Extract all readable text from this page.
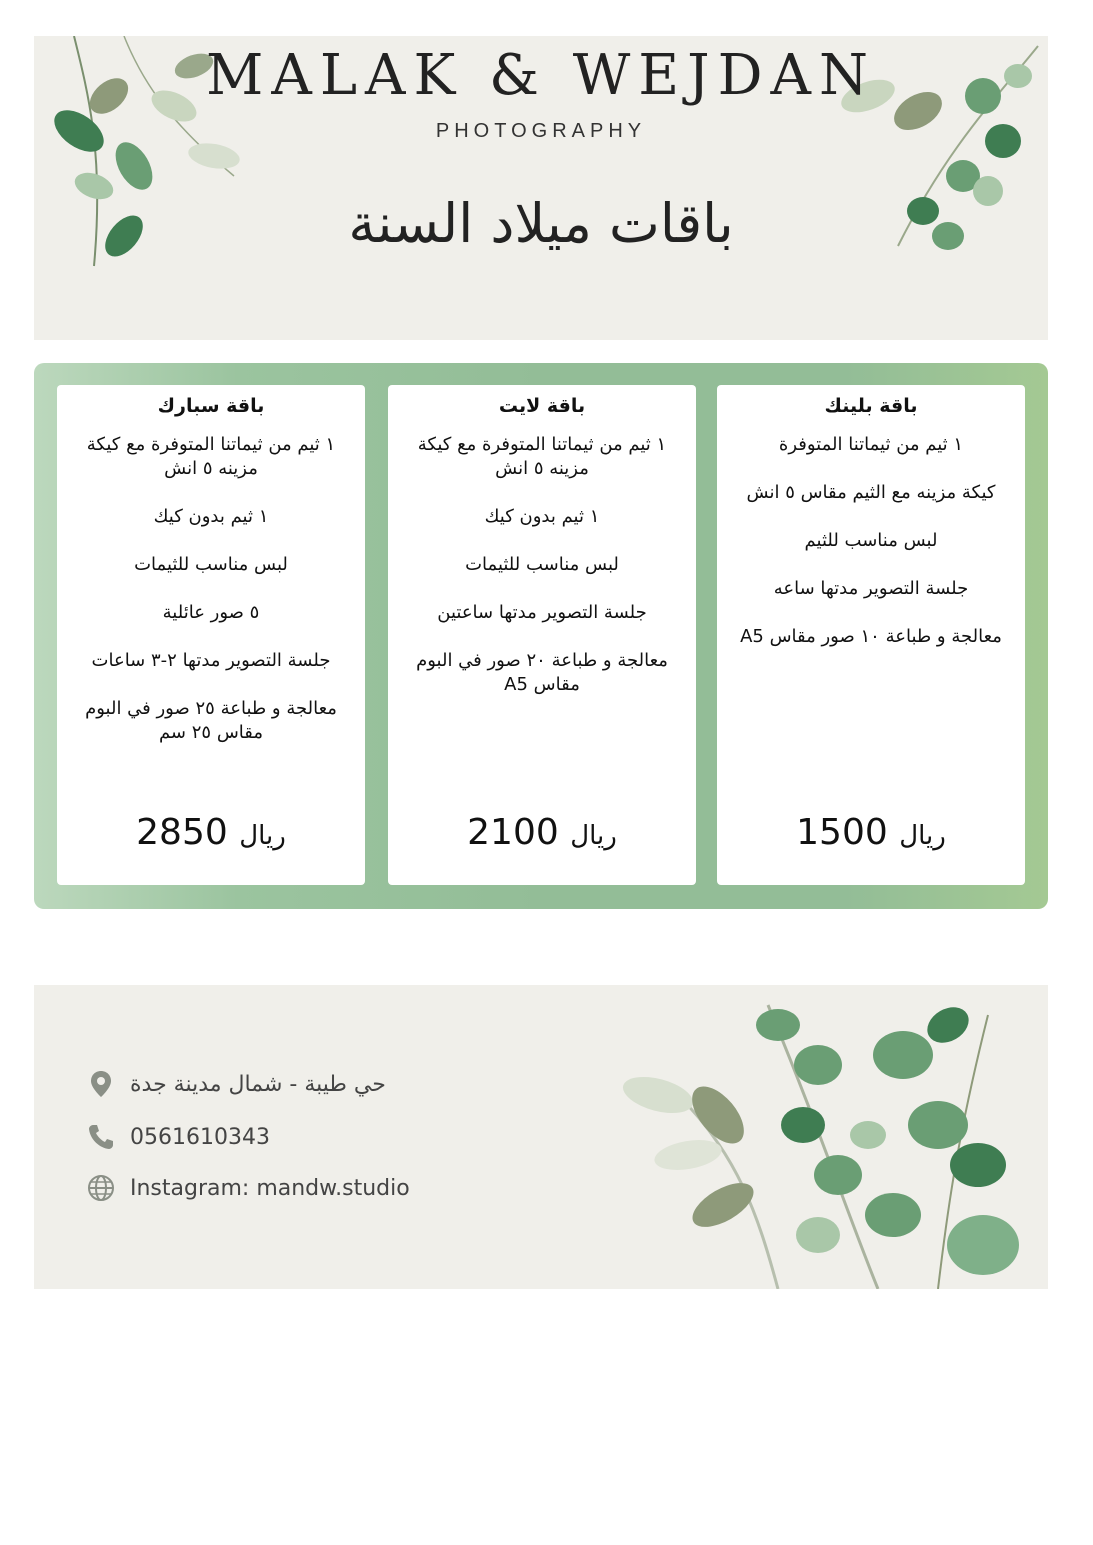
MALAK & WEJDAN
PHOTOGRAPHY
باقات ميلاد السنة
باقة بلينك
١ ثيم من ثيماتنا المتوفرة
كيكة مزينه مع الثيم مقاس ٥ انش
لبس مناسب للثيم
جلسة التصوير مدتها ساعه
معالجة و طباعة ١٠ صور مقاس A5
ريال 1500
باقة لايت
١ ثيم من ثيماتنا المتوفرة مع كيكة مزينه ٥ انش
١ ثيم بدون كيك
لبس مناسب للثيمات
جلسة التصوير مدتها ساعتين
معالجة و طباعة ٢٠ صور في البوم مقاس A5
ريال 2100
باقة سبارك
١ ثيم من ثيماتنا المتوفرة مع كيكة مزينه ٥ انش
١ ثيم بدون كيك
لبس مناسب للثيمات
٥ صور عائلية
جلسة التصوير مدتها ٢-٣ ساعات
معالجة و طباعة ٢٥ صور في البوم مقاس ٢٥ سم
ريال 2850
حي طيبة - شمال مدينة جدة
0561610343
Instagram: mandw.studio
